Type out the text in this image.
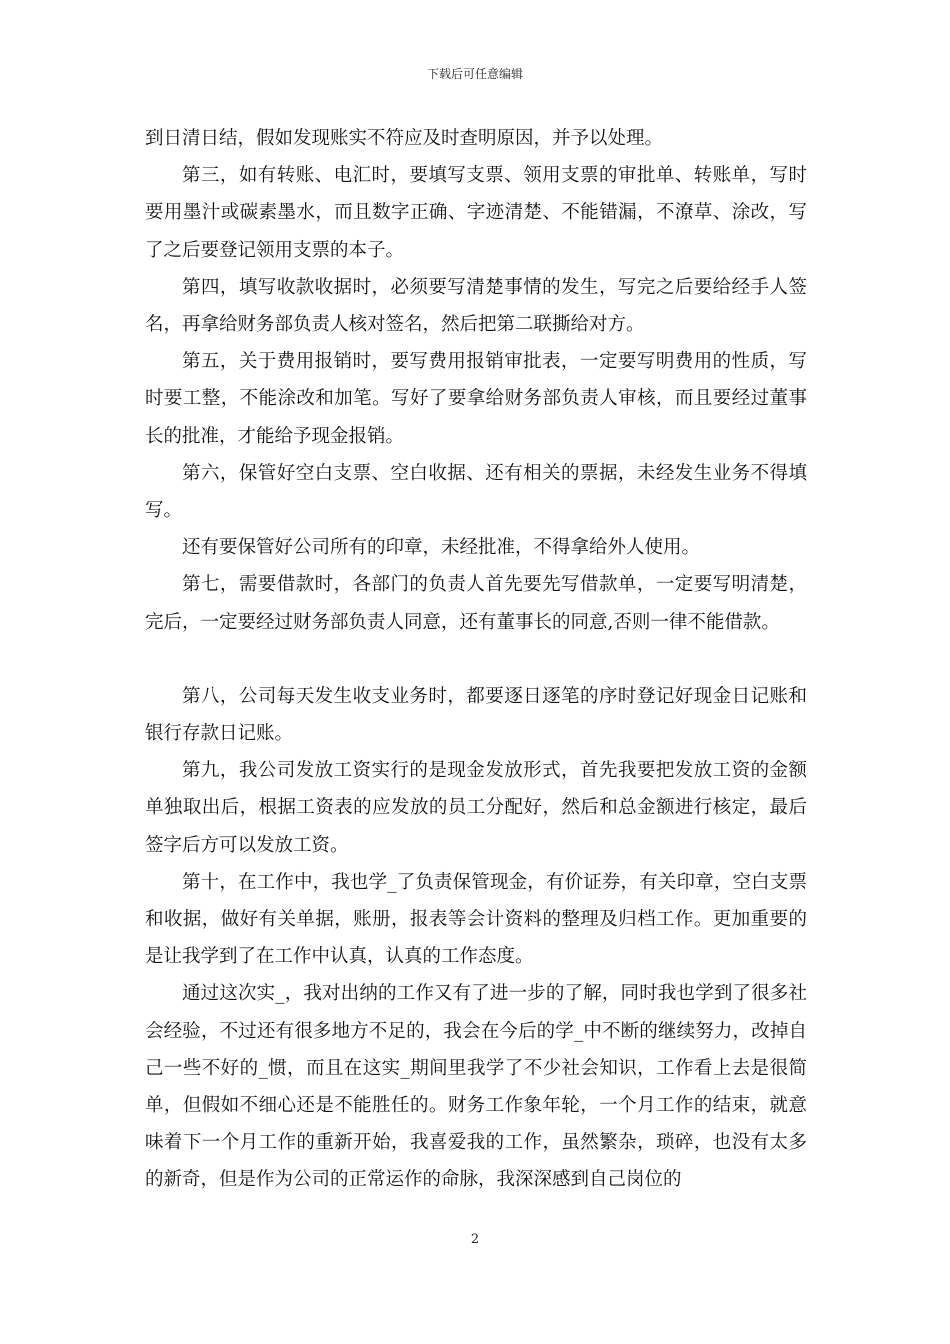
下载后可任意编辑

到日清日结，假如发现账实不符应及时查明原因，并予以处理。

第三，如有转账、电汇时，要填写支票、领用支票的审批单、转账单，写时要用墨汁或碳素墨水，而且数字正确、字迹清楚、不能错漏，不潦草、涂改，写了之后要登记领用支票的本子。

第四，填写收款收据时，必须要写清楚事情的发生，写完之后要给经手人签名，再拿给财务部负责人核对签名，然后把第二联撕给对方。

第五，关于费用报销时，要写费用报销审批表，一定要写明费用的性质，写时要工整，不能涂改和加笔。写好了要拿给财务部负责人审核，而且要经过董事长的批准，才能给予现金报销。

第六，保管好空白支票、空白收据、还有相关的票据，未经发生业务不得填写。

还有要保管好公司所有的印章，未经批准，不得拿给外人使用。

第七，需要借款时，各部门的负责人首先要先写借款单，一定要写明清楚，完后，一定要经过财务部负责人同意，还有董事长的同意,否则一律不能借款。

第八，公司每天发生收支业务时，都要逐日逐笔的序时登记好现金日记账和银行存款日记账。

第九，我公司发放工资实行的是现金发放形式，首先我要把发放工资的金额单独取出后，根据工资表的应发放的员工分配好，然后和总金额进行核定，最后签字后方可以发放工资。

第十，在工作中，我也学_了负责保管现金，有价证券，有关印章，空白支票和收据，做好有关单据，账册，报表等会计资料的整理及归档工作。更加重要的是让我学到了在工作中认真，认真的工作态度。

通过这次实_，我对出纳的工作又有了进一步的了解，同时我也学到了很多社会经验，不过还有很多地方不足的，我会在今后的学_中不断的继续努力，改掉自己一些不好的_惯，而且在这实_期间里我学了不少社会知识，工作看上去是很简单，但假如不细心还是不能胜任的。财务工作象年轮，一个月工作的结束，就意味着下一个月工作的重新开始，我喜爱我的工作，虽然繁杂，琐碎，也没有太多的新奇，但是作为公司的正常运作的命脉，我深深感到自己岗位的

2
